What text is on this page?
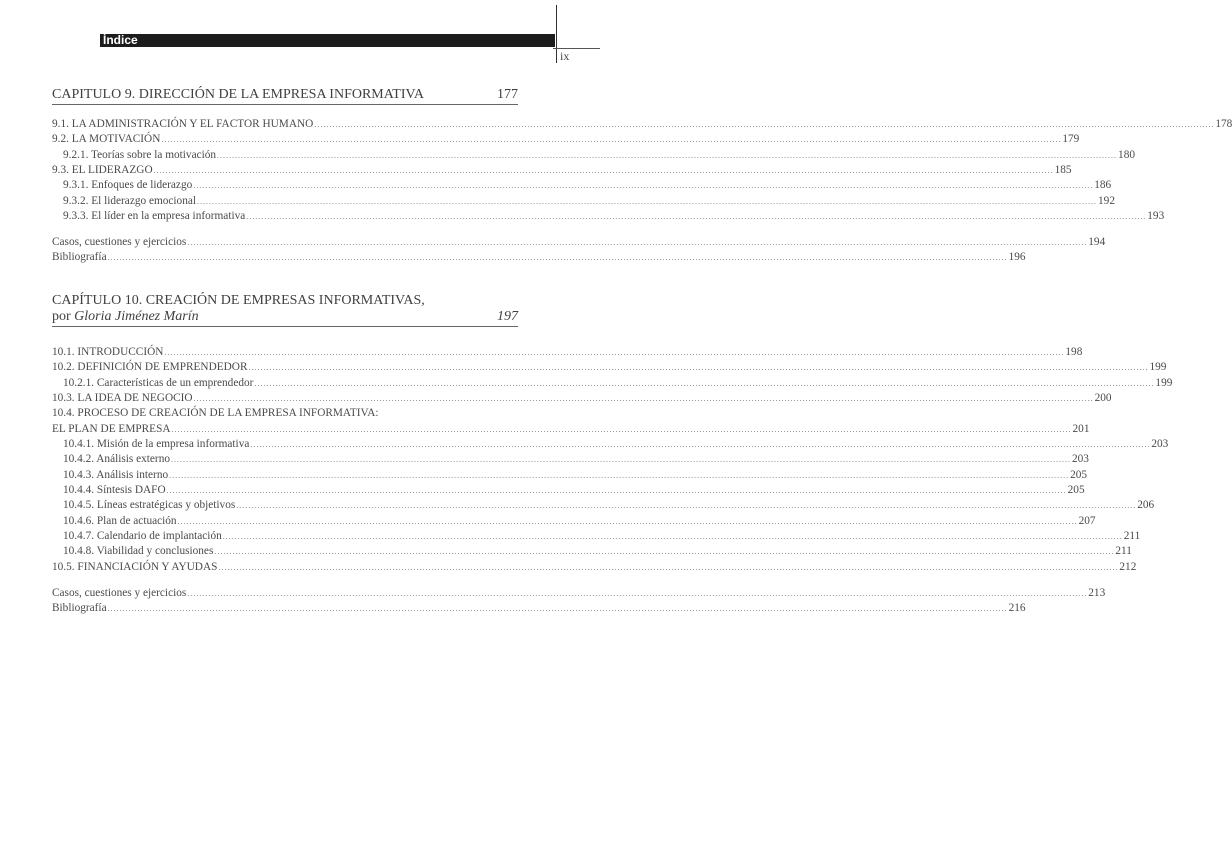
Índice
ix
CAPITULO 9. DIRECCIÓN DE LA EMPRESA INFORMATIVA	177
9.1. LA ADMINISTRACIÓN Y EL FACTOR HUMANO ............................................................................................................................................................................................................................................................................................................ 178
9.2. LA MOTIVACIÓN ............................................................................................................................................................................................................................................................................................................ 179
9.2.1. Teorías sobre la motivación ............................................................................................................................................................................................................................................................................................................ 180
9.3. EL LIDERAZGO ............................................................................................................................................................................................................................................................................................................ 185
9.3.1. Enfoques de liderazgo ............................................................................................................................................................................................................................................................................................................ 186
9.3.2. El liderazgo emocional ............................................................................................................................................................................................................................................................................................................ 192
9.3.3. El líder en la empresa informativa ............................................................................................................................................................................................................................................................................................................ 193
Casos, cuestiones y ejercicios ............................................................................................................................................................................................................................................................................................................ 194
Bibliografía ............................................................................................................................................................................................................................................................................................................ 196
CAPÍTULO 10. CREACIÓN DE EMPRESAS INFORMATIVAS,
por Gloria Jiménez Marín	197
10.1. INTRODUCCIÓN ............................................................................................................................................................................................................................................................................................................ 198
10.2. DEFINICIÓN DE EMPRENDEDOR ............................................................................................................................................................................................................................................................................................................ 199
10.2.1. Características de un emprendedor ............................................................................................................................................................................................................................................................................................................ 199
10.3. LA IDEA DE NEGOCIO ............................................................................................................................................................................................................................................................................................................ 200
10.4. PROCESO DE CREACIÓN DE LA EMPRESA INFORMATIVA:
EL PLAN DE EMPRESA ............................................................................................................................................................................................................................................................................................................ 201
10.4.1. Misión de la empresa informativa ............................................................................................................................................................................................................................................................................................................ 203
10.4.2. Análisis externo ............................................................................................................................................................................................................................................................................................................ 203
10.4.3. Análisis interno ............................................................................................................................................................................................................................................................................................................ 205
10.4.4. Síntesis DAFO ............................................................................................................................................................................................................................................................................................................ 205
10.4.5. Líneas estratégicas y objetivos ............................................................................................................................................................................................................................................................................................................ 206
10.4.6. Plan de actuación ............................................................................................................................................................................................................................................................................................................ 207
10.4.7. Calendario de implantación ............................................................................................................................................................................................................................................................................................................ 211
10.4.8. Viabilidad y conclusiones ............................................................................................................................................................................................................................................................................................................ 211
10.5. FINANCIACIÓN Y AYUDAS ............................................................................................................................................................................................................................................................................................................ 212
Casos, cuestiones y ejercicios ............................................................................................................................................................................................................................................................................................................ 213
Bibliografía ............................................................................................................................................................................................................................................................................................................ 216
